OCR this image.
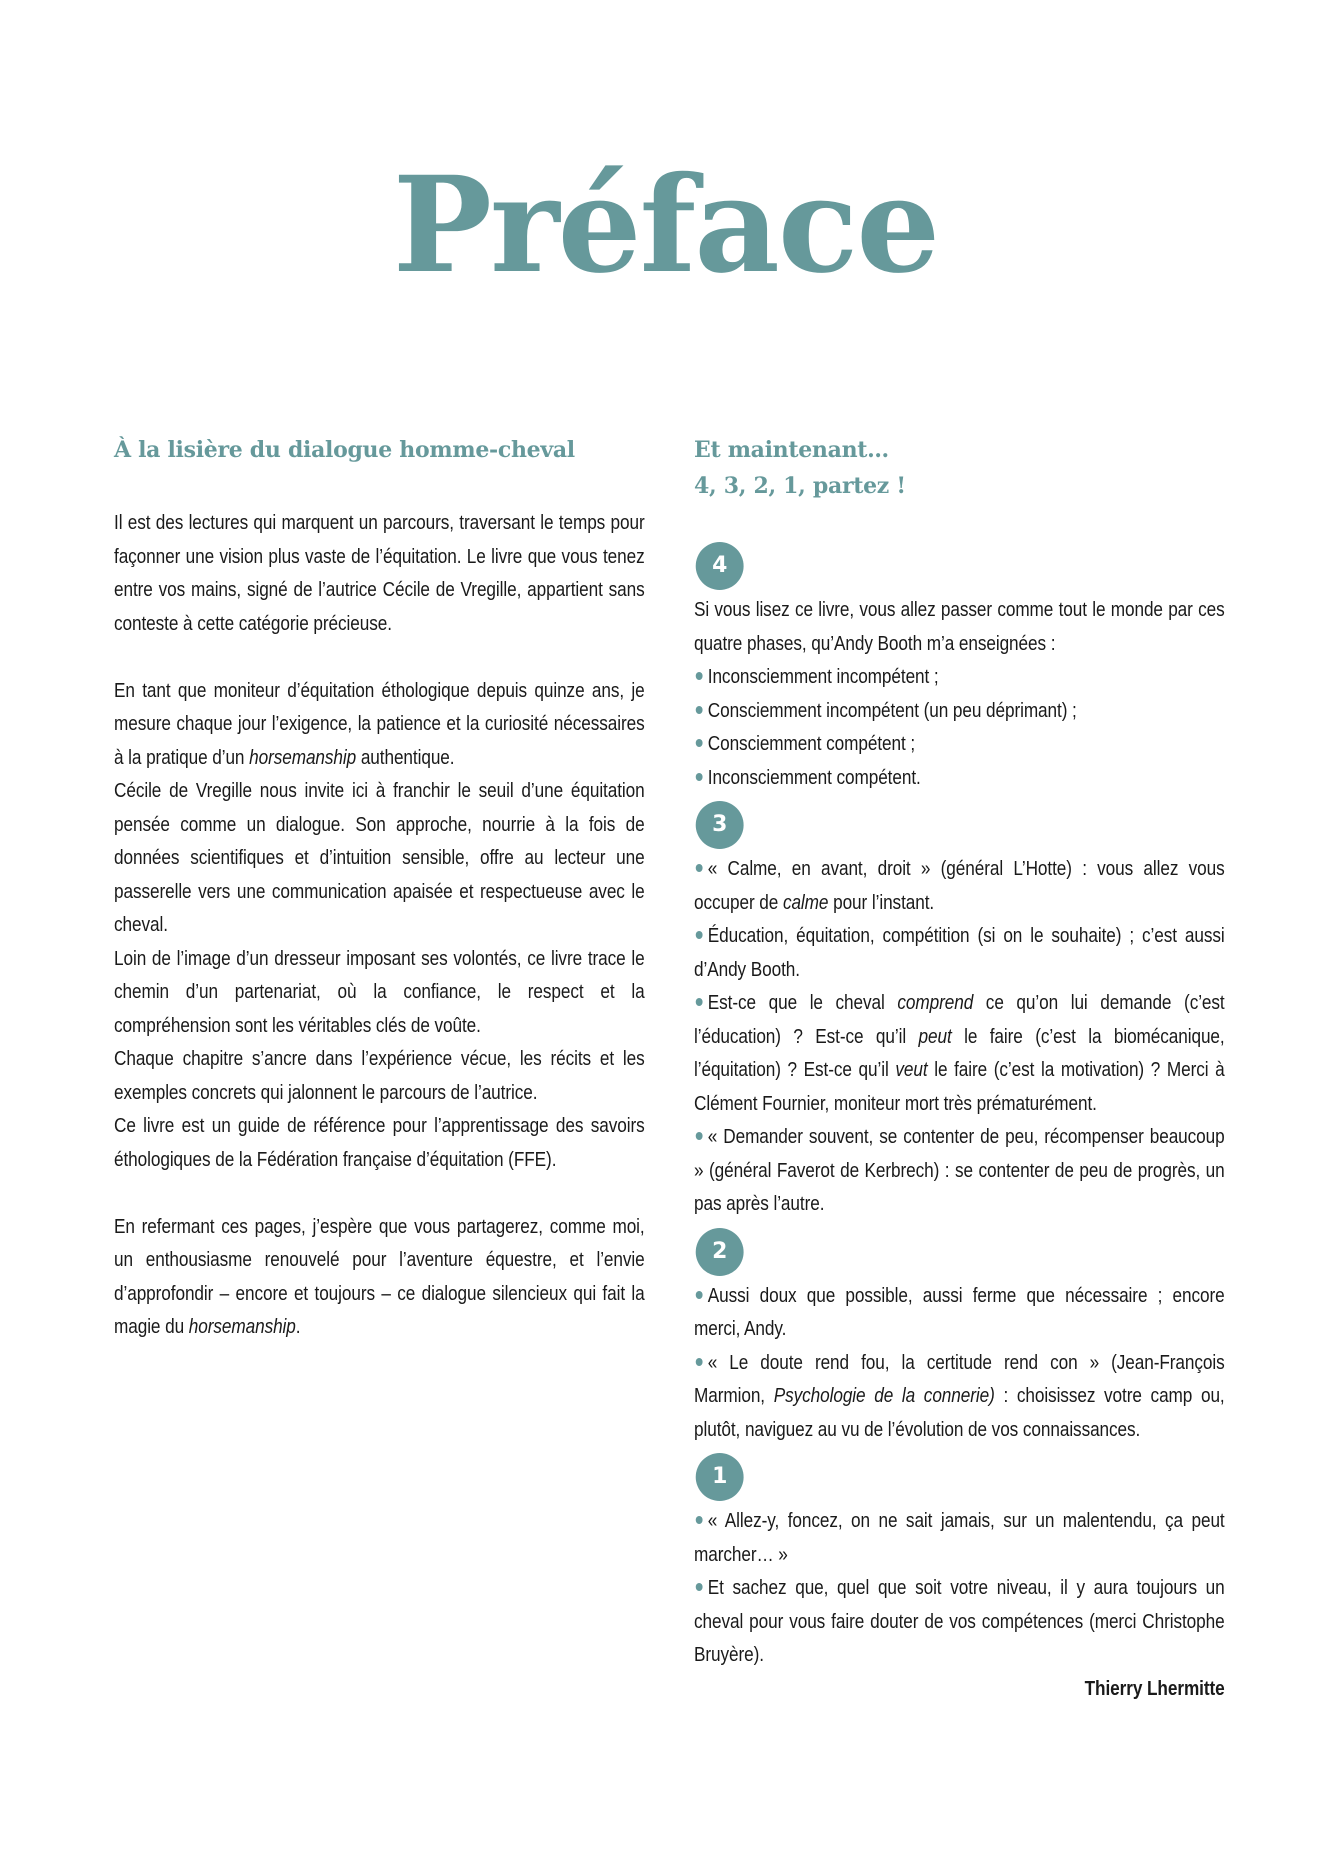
Préface
À la lisière du dialogue homme-cheval

Il est des lectures qui marquent un parcours, traversant le temps pour façonner une vision plus vaste de l’équitation. Le livre que vous tenez entre vos mains, signé de l’autrice Cécile de Vregille, appartient sans conteste à cette catégorie précieuse.

En tant que moniteur d’équitation éthologique depuis quinze ans, je mesure chaque jour l’exigence, la patience et la curiosité nécessaires à la pratique d’un horsemanship authentique.

Cécile de Vregille nous invite ici à franchir le seuil d’une équitation pensée comme un dialogue. Son approche, nourrie à la fois de données scientifiques et d’intuition sensible, offre au lecteur une passerelle vers une communication apaisée et respectueuse avec le cheval.

Loin de l’image d’un dresseur imposant ses volontés, ce livre trace le chemin d’un partenariat, où la confiance, le respect et la compréhension sont les véritables clés de voûte.

Chaque chapitre s’ancre dans l’expérience vécue, les récits et les exemples concrets qui jalonnent le parcours de l’autrice.

Ce livre est un guide de référence pour l’apprentissage des savoirs éthologiques de la Fédération française d’équitation (FFE).

En refermant ces pages, j’espère que vous partagerez, comme moi, un enthousiasme renouvelé pour l’aventure équestre, et l’envie d’approfondir – encore et toujours – ce dialogue silencieux qui fait la magie du horsemanship.

Et maintenant…
4, 3, 2, 1, partez !
4

Si vous lisez ce livre, vous allez passer comme tout le monde par ces quatre phases, qu’Andy Booth m’a enseignées :

Inconsciemment incompétent ;

Consciemment incompétent (un peu déprimant) ;

Consciemment compétent ;

Inconsciemment compétent.

3

« Calme, en avant, droit » (général L’Hotte) : vous allez vous occuper de calme pour l’instant.

Éducation, équitation, compétition (si on le souhaite) ; c’est aussi d’Andy Booth.

Est-ce que le cheval comprend ce qu’on lui demande (c’est l’éducation) ? Est-ce qu’il peut le faire (c’est la biomécanique, l’équitation) ? Est-ce qu’il veut le faire (c’est la motivation) ? Merci à Clément Fournier, moniteur mort très prématurément.

« Demander souvent, se contenter de peu, récompenser beaucoup » (général Faverot de Kerbrech) : se contenter de peu de progrès, un pas après l’autre.

2

Aussi doux que possible, aussi ferme que nécessaire ; encore merci, Andy.

« Le doute rend fou, la certitude rend con » (Jean-François Marmion, Psychologie de la connerie) : choisissez votre camp ou, plutôt, naviguez au vu de l’évolution de vos connaissances.

1

« Allez-y, foncez, on ne sait jamais, sur un malentendu, ça peut marcher… »

Et sachez que, quel que soit votre niveau, il y aura toujours un cheval pour vous faire douter de vos compétences (merci Christophe Bruyère).

Thierry Lhermitte
